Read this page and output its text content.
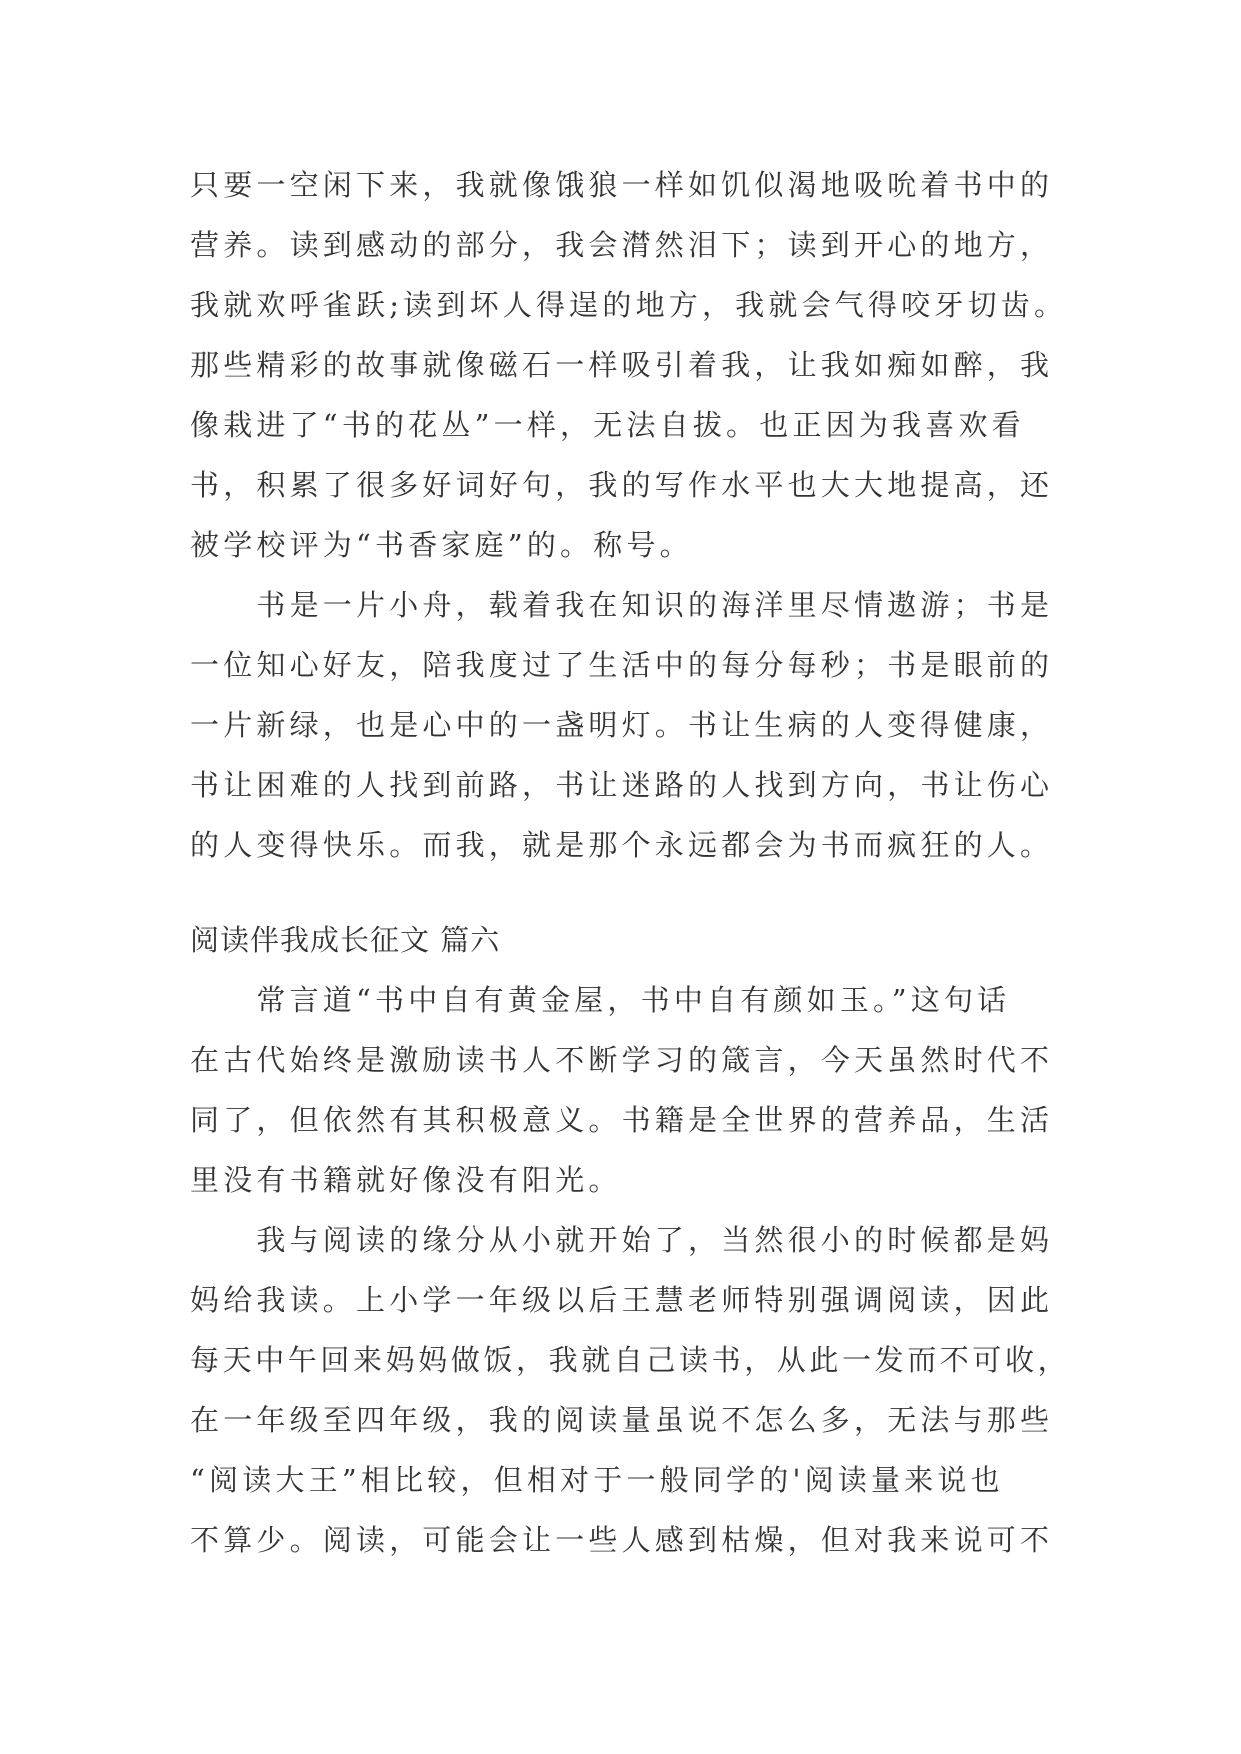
只要一空闲下来，我就像饿狼一样如饥似渴地吸吮着书中的
营养。读到感动的部分，我会潸然泪下；读到开心的地方，
我就欢呼雀跃;读到坏人得逞的地方，我就会气得咬牙切齿。
那些精彩的故事就像磁石一样吸引着我，让我如痴如醉，我
像栽进了“书的花丛”一样，无法自拔。也正因为我喜欢看
书，积累了很多好词好句，我的写作水平也大大地提高，还
被学校评为“书香家庭”的。称号。
　　书是一片小舟，载着我在知识的海洋里尽情遨游；书是
一位知心好友，陪我度过了生活中的每分每秒；书是眼前的
一片新绿，也是心中的一盏明灯。书让生病的人变得健康，
书让困难的人找到前路，书让迷路的人找到方向，书让伤心
的人变得快乐。而我，就是那个永远都会为书而疯狂的人。
阅读伴我成长征文 篇六
　　常言道“书中自有黄金屋，书中自有颜如玉。”这句话
在古代始终是激励读书人不断学习的箴言，今天虽然时代不
同了，但依然有其积极意义。书籍是全世界的营养品，生活
里没有书籍就好像没有阳光。
　　我与阅读的缘分从小就开始了，当然很小的时候都是妈
妈给我读。上小学一年级以后王慧老师特别强调阅读，因此
每天中午回来妈妈做饭，我就自己读书，从此一发而不可收，
在一年级至四年级，我的阅读量虽说不怎么多，无法与那些
“阅读大王”相比较，但相对于一般同学的'阅读量来说也
不算少。阅读，可能会让一些人感到枯燥，但对我来说可不
